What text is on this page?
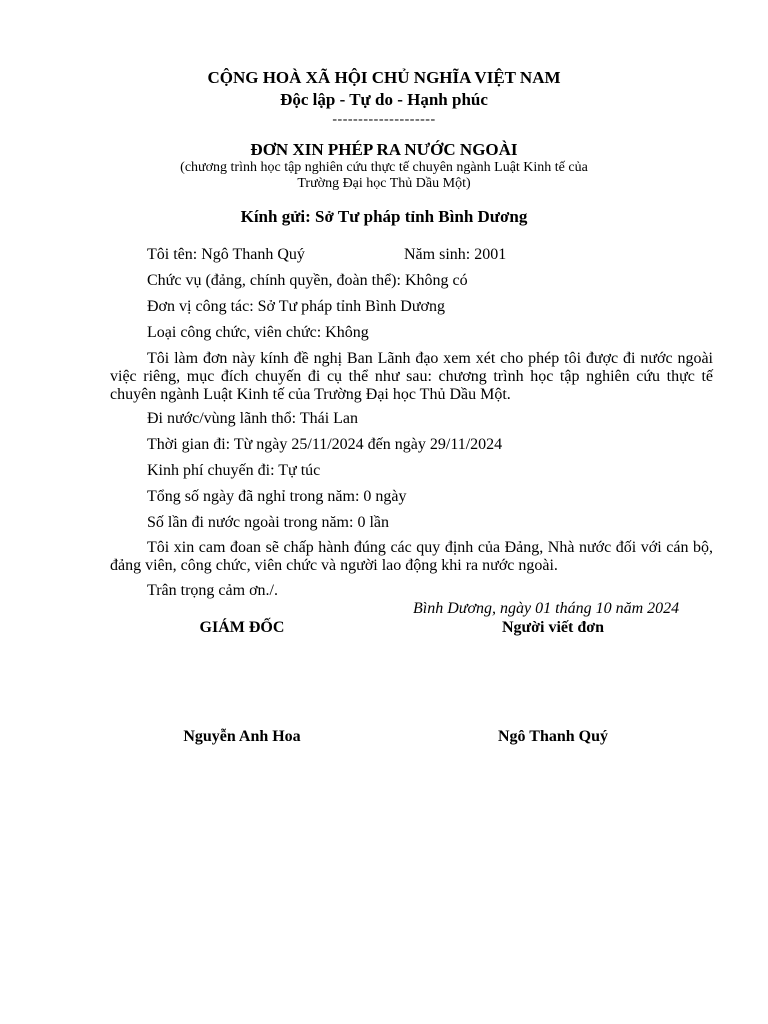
CỘNG HOÀ XÃ HỘI CHỦ NGHĨA VIỆT NAM
Độc lập - Tự do - Hạnh phúc
--------------------
ĐƠN XIN PHÉP RA NƯỚC NGOÀI
(chương trình học tập nghiên cứu thực tế chuyên ngành Luật Kinh tế của
Trường Đại học Thủ Dầu Một)
Kính gửi: Sở Tư pháp tỉnh Bình Dương
Tôi tên: Ngô Thanh Quý	Năm sinh: 2001
Chức vụ (đảng, chính quyền, đoàn thể): Không có
Đơn vị công tác: Sở Tư pháp tỉnh Bình Dương
Loại công chức, viên chức: Không
Tôi làm đơn này kính đề nghị Ban Lãnh đạo xem xét cho phép tôi được đi nước ngoài việc riêng, mục đích chuyến đi cụ thể như sau: chương trình học tập nghiên cứu thực tế chuyên ngành Luật Kinh tế của Trường Đại học Thủ Dầu Một.
Đi nước/vùng lãnh thổ: Thái Lan
Thời gian đi: Từ ngày 25/11/2024 đến ngày 29/11/2024
Kinh phí chuyến đi: Tự túc
Tổng số ngày đã nghỉ trong năm: 0 ngày
Số lần đi nước ngoài trong năm: 0 lần
Tôi xin cam đoan sẽ chấp hành đúng các quy định của Đảng, Nhà nước đối với cán bộ, đảng viên, công chức, viên chức và người lao động khi ra nước ngoài.
Trân trọng cảm ơn./.
Bình Dương, ngày 01 tháng 10 năm 2024
GIÁM ĐỐC	Người viết đơn
Nguyễn Anh Hoa	Ngô Thanh Quý
